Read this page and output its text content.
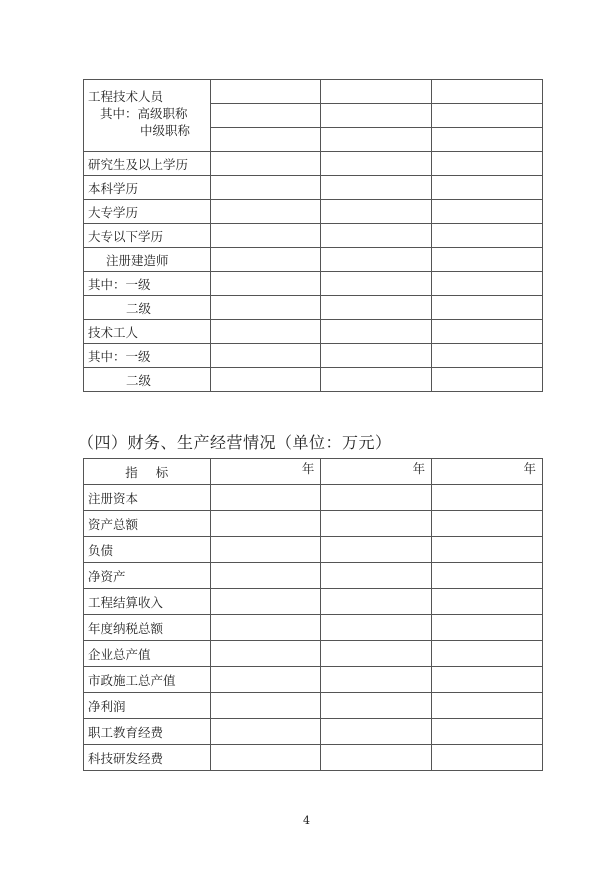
工程技术人员
其中：高级职称
中级职称			

研究生及以上学历			
本科学历			
大专学历			
大专以下学历			
注册建造师			
其中：一级			
二级			
技术工人			
其中：一级			
二级			
（四）财务、生产经营情况（单位：万元）
指标	年	年	年
注册资本			
资产总额			
负债			
净资产			
工程结算收入			
年度纳税总额			
企业总产值			
市政施工总产值			
净利润			
职工教育经费			
科技研发经费			
4
